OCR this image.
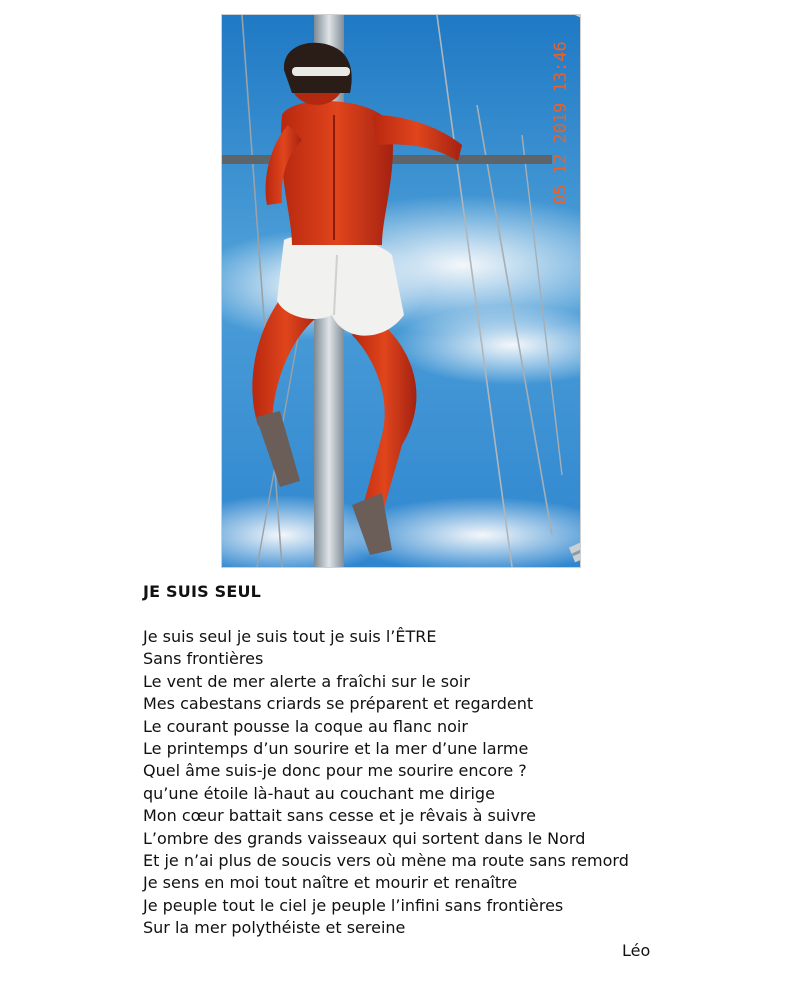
05 12 2019 13:46
JE SUIS SEUL
Je suis seul je suis tout je suis l’ÊTRE
Sans frontières
Le vent de mer alerte a fraîchi sur le soir
Mes cabestans criards se préparent et regardent
Le courant pousse la coque au flanc noir
Le printemps d’un sourire et la mer d’une larme
Quel âme suis-je donc pour me sourire encore ?
qu’une étoile là-haut au couchant me dirige
Mon cœur battait sans cesse et je rêvais à suivre
L’ombre des grands vaisseaux qui sortent dans le Nord
Et je n’ai plus de soucis vers où mène ma route sans remord
Je sens en moi tout naître et mourir et renaître
Je peuple tout le ciel je peuple l’infini sans frontières
Sur la mer polythéiste et sereine
Léo
